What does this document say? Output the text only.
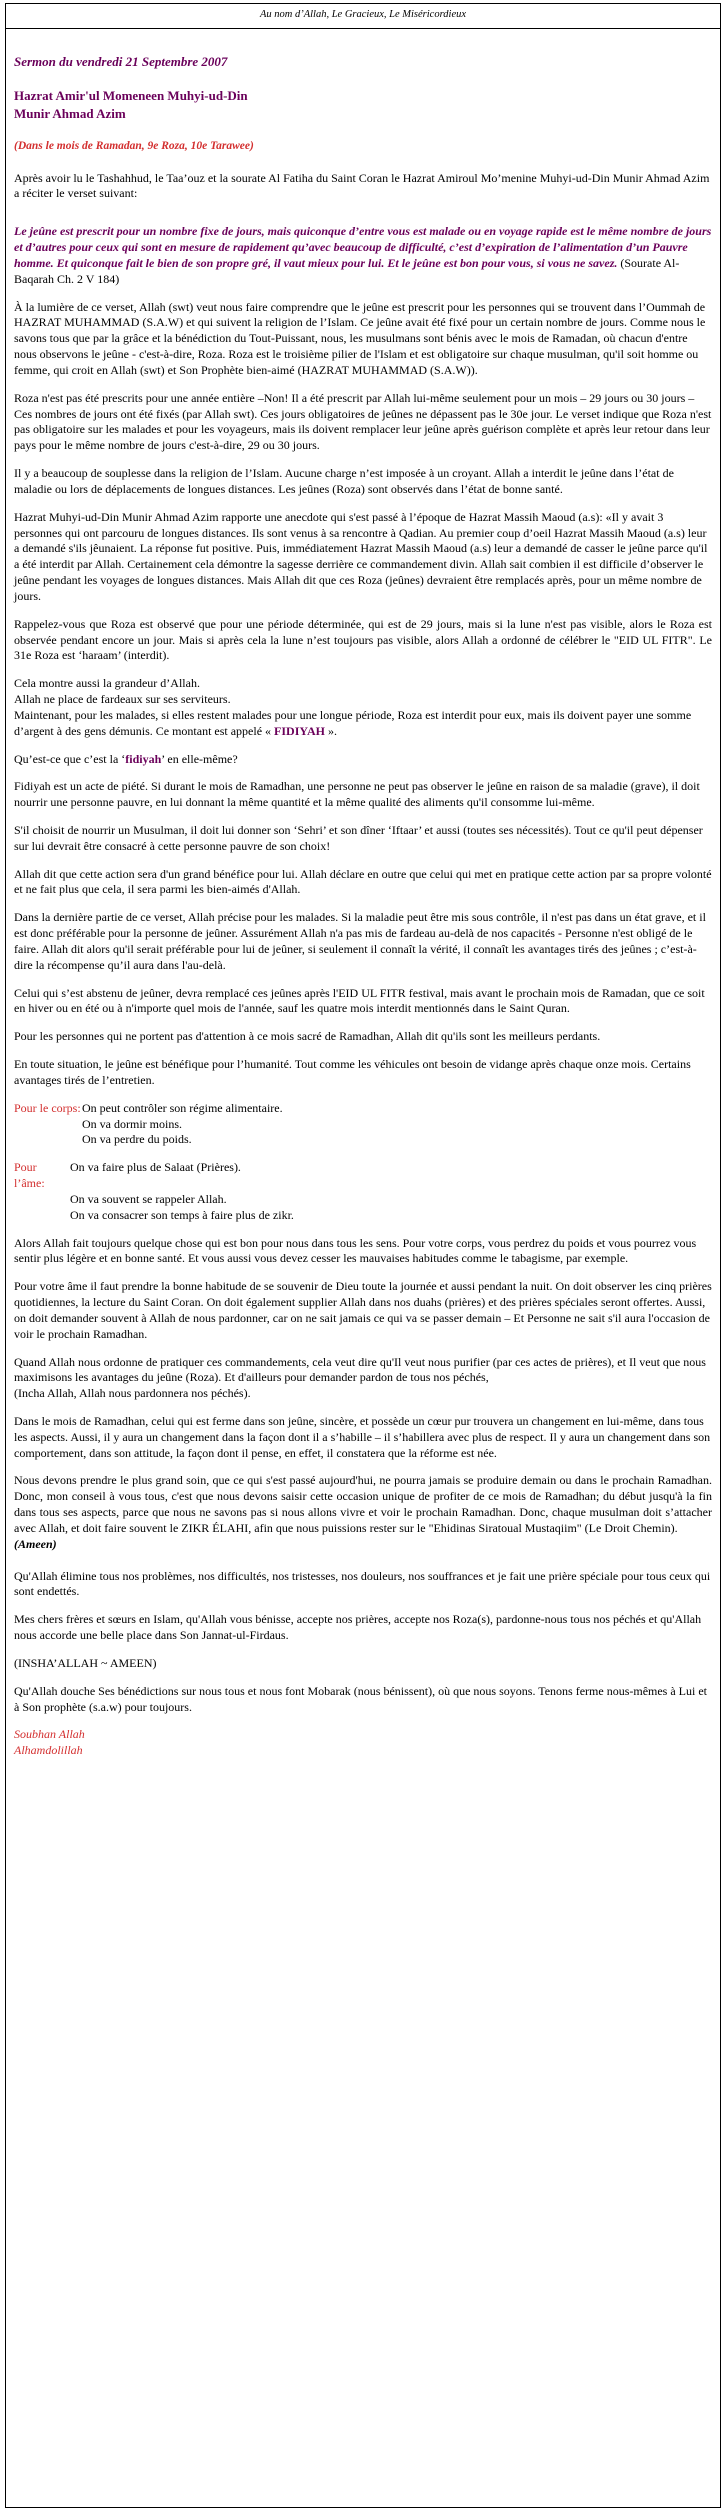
Au nom d’Allah, Le Gracieux, Le Miséricordieux

Sermon du vendredi 21 Septembre 2007

Hazrat Amir'ul Momeneen Muhyi-ud-Din
Munir Ahmad Azim

(Dans le mois de Ramadan, 9e Roza, 10e Tarawee)

Après avoir lu le Tashahhud, le Taa’ouz et la sourate Al Fatiha du Saint Coran le Hazrat Amiroul Mo’menine Muhyi-ud-Din Munir Ahmad Azim a réciter le verset suivant:

Le jeûne est prescrit pour un nombre fixe de jours, mais quiconque d’entre vous est malade ou en voyage rapide est le même nombre de jours et d’autres pour ceux qui sont en mesure de rapidement qu’avec beaucoup de difficulté, c’est d’expiration de l’alimentation d’un Pauvre homme. Et quiconque fait le bien de son propre gré, il vaut mieux pour lui. Et le jeûne est bon pour vous, si vous ne savez. (Sourate Al-Baqarah Ch. 2 V 184)

À la lumière de ce verset, Allah (swt) veut nous faire comprendre que le jeûne est prescrit pour les personnes qui se trouvent dans l’Oummah de HAZRAT MUHAMMAD (S.A.W) et qui suivent la religion de l’Islam. Ce jeûne avait été fixé pour un certain nombre de jours. Comme nous le savons tous que par la grâce et la bénédiction du Tout-Puissant, nous, les musulmans sont bénis avec le mois de Ramadan, où chacun d'entre nous observons le jeûne - c'est-à-dire, Roza. Roza est le troisième pilier de l'Islam et est obligatoire sur chaque musulman, qu'il soit homme ou femme, qui croit en Allah (swt) et Son Prophète bien-aimé (HAZRAT MUHAMMAD (S.A.W)).

Roza n'est pas été prescrits pour une année entière –Non! Il a été prescrit par Allah lui-même seulement pour un mois – 29 jours ou 30 jours – Ces nombres de jours ont été fixés (par Allah swt). Ces jours obligatoires de jeûnes ne dépassent pas le 30e jour. Le verset indique que Roza n'est pas obligatoire sur les malades et pour les voyageurs, mais ils doivent remplacer leur jeûne après guérison complète et après leur retour dans leur pays pour le même nombre de jours c'est-à-dire, 29 ou 30 jours.

Il y a beaucoup de souplesse dans la religion de l’Islam. Aucune charge n’est imposée à un croyant. Allah a interdit le jeûne dans l’état de maladie ou lors de déplacements de longues distances. Les jeûnes (Roza) sont observés dans l’état de bonne santé.

Hazrat Muhyi-ud-Din Munir Ahmad Azim rapporte une anecdote qui s'est passé à l’époque de Hazrat Massih Maoud (a.s): «Il y avait 3 personnes qui ont parcouru de longues distances. Ils sont venus à sa rencontre à Qadian. Au premier coup d’oeil Hazrat Massih Maoud (a.s) leur a demandé s'ils jêunaient. La réponse fut positive. Puis, immédiatement Hazrat Massih Maoud (a.s) leur a demandé de casser le jeûne parce qu'il a été interdit par Allah. Certainement cela démontre la sagesse derrière ce commandement divin. Allah sait combien il est difficile d’observer le jeûne pendant les voyages de longues distances. Mais Allah dit que ces Roza (jeûnes) devraient être remplacés après, pour un même nombre de jours.

Rappelez-vous que Roza est observé que pour une période déterminée, qui est de 29 jours, mais si la lune n'est pas visible, alors le Roza est observée pendant encore un jour. Mais si après cela la lune n’est toujours pas visible, alors Allah a ordonné de célébrer le "EID UL FITR". Le 31e Roza est ‘haraam’ (interdit).

Cela montre aussi la grandeur d’Allah.
Allah ne place de fardeaux sur ses serviteurs.
Maintenant, pour les malades, si elles restent malades pour une longue période, Roza est interdit pour eux, mais ils doivent payer une somme d’argent à des gens démunis. Ce montant est appelé « FIDIYAH ».

Qu’est-ce que c’est la ‘fidiyah’ en elle-même?

Fidiyah est un acte de piété. Si durant le mois de Ramadhan, une personne ne peut pas observer le jeûne en raison de sa maladie (grave), il doit nourrir une personne pauvre, en lui donnant la même quantité et la même qualité des aliments qu'il consomme lui-même.

S'il choisit de nourrir un Musulman, il doit lui donner son ‘Sehri’ et son dîner ‘Iftaar’ et aussi (toutes ses nécessités). Tout ce qu'il peut dépenser sur lui devrait être consacré à cette personne pauvre de son choix!

Allah dit que cette action sera d'un grand bénéfice pour lui. Allah déclare en outre que celui qui met en pratique cette action par sa propre volonté et ne fait plus que cela, il sera parmi les bien-aimés d'Allah.

Dans la dernière partie de ce verset, Allah précise pour les malades. Si la maladie peut être mis sous contrôle, il n'est pas dans un état grave, et il est donc préférable pour la personne de jeûner. Assurément Allah n'a pas mis de fardeau au-delà de nos capacités - Personne n'est obligé de le faire. Allah dit alors qu'il serait préférable pour lui de jeûner, si seulement il connaît la vérité, il connaît les avantages tirés des jeûnes ; c’est-à-dire la récompense qu’il aura dans l'au-delà.

Celui qui s’est abstenu de jeûner, devra remplacé ces jeûnes après l'EID UL FITR festival, mais avant le prochain mois de Ramadan, que ce soit en hiver ou en été ou à n'importe quel mois de l'année, sauf les quatre mois interdit mentionnés dans le Saint Quran.

Pour les personnes qui ne portent pas d'attention à ce mois sacré de Ramadhan, Allah dit qu'ils sont les meilleurs perdants.

En toute situation, le jeûne est bénéfique pour l’humanité. Tout comme les véhicules ont besoin de vidange après chaque onze mois. Certains avantages tirés de l’entretien.

Pour le corps: On peut contrôler son régime alimentaire.
On va dormir moins.
On va perdre du poids.
Pour l’âme:
On va faire plus de Salaat (Prières).
On va souvent se rappeler Allah.
On va consacrer son temps à faire plus de zikr.

Alors Allah fait toujours quelque chose qui est bon pour nous dans tous les sens. Pour votre corps, vous perdrez du poids et vous pourrez vous sentir plus légère et en bonne santé. Et vous aussi vous devez cesser les mauvaises habitudes comme le tabagisme, par exemple.

Pour votre âme il faut prendre la bonne habitude de se souvenir de Dieu toute la journée et aussi pendant la nuit. On doit observer les cinq prières quotidiennes, la lecture du Saint Coran. On doit également supplier Allah dans nos duahs (prières) et des prières spéciales seront offertes. Aussi, on doit demander souvent à Allah de nous pardonner, car on ne sait jamais ce qui va se passer demain – Et Personne ne sait s'il aura l'occasion de voir le prochain Ramadhan.

Quand Allah nous ordonne de pratiquer ces commandements, cela veut dire qu'Il veut nous purifier (par ces actes de prières), et Il veut que nous maximisons les avantages du jeûne (Roza). Et d'ailleurs pour demander pardon de tous nos péchés,
(Incha Allah, Allah nous pardonnera nos péchés).

Dans le mois de Ramadhan, celui qui est ferme dans son jeûne, sincère, et possède un cœur pur trouvera un changement en lui-même, dans tous les aspects. Aussi, il y aura un changement dans la façon dont il a s’habille – il s’habillera avec plus de respect. Il y aura un changement dans son comportement, dans son attitude, la façon dont il pense, en effet, il constatera que la réforme est née.

Nous devons prendre le plus grand soin, que ce qui s'est passé aujourd'hui, ne pourra jamais se produire demain ou dans le prochain Ramadhan. Donc, mon conseil à vous tous, c'est que nous devons saisir cette occasion unique de profiter de ce mois de Ramadhan; du début jusqu'à la fin dans tous ses aspects, parce que nous ne savons pas si nous allons vivre et voir le prochain Ramadhan. Donc, chaque musulman doit s’attacher avec Allah, et doit faire souvent le ZIKR ÉLAHI, afin que nous puissions rester sur le "Ehidinas Siratoual Mustaqiim" (Le Droit Chemin).
(Ameen)

Qu'Allah élimine tous nos problèmes, nos difficultés, nos tristesses, nos douleurs, nos souffrances et je fait une prière spéciale pour tous ceux qui sont endettés.

Mes chers frères et sœurs en Islam, qu'Allah vous bénisse, accepte nos prières, accepte nos Roza(s), pardonne-nous tous nos péchés et qu'Allah nous accorde une belle place dans Son Jannat-ul-Firdaus.

(INSHA’ALLAH ~ AMEEN)

Qu'Allah douche Ses bénédictions sur nous tous et nous font Mobarak (nous bénissent), où que nous soyons. Tenons ferme nous-mêmes à Lui et à Son prophète (s.a.w) pour toujours.

Soubhan Allah
Alhamdolillah
